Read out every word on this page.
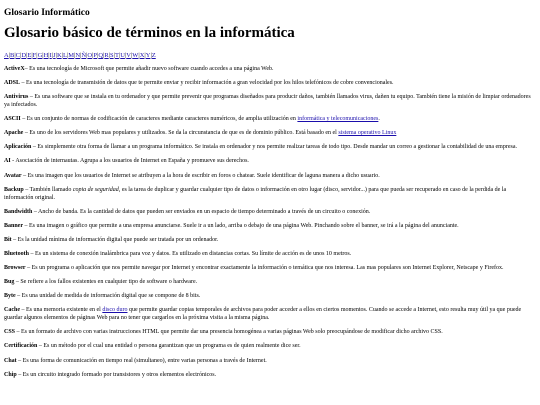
Glosario Informático
Glosario básico de términos en la informática
A|B|C|D|E|F|G|H|I|J|K|L|M|N|Ñ|O|P|Q|R|S|T|U|V|W|X|Y|Z
ActiveX– Es una tecnología de Microsoft que permite añadir nuevo software cuando accedes a una página Web.
ADSL – Es una tecnología de transmisión de datos que te permite enviar y recibir información a gran velocidad por los hilos telefónicos de cobre convencionales.
Antivirus – Es una software que se instala en tu ordenador y que permite prevenir que programas diseñados para producir daños, también llamados virus, dañen tu equipo. También tiene la misión de limpiar ordenadores ya infectados.
ASCII – Es un conjunto de normas de codificación de caracteres mediante caracteres numéricos, de amplia utilización en informática y telecomunicaciones.
Apache – Es uno de los servidores Web mas populares y utilizados. Se da la circunstancia de que es de dominio público. Está basado en el sistema operativo Linux
Aplicación – Es simplemente otra forma de llamar a un programa informático. Se instala en ordenador y nos permite realizar tareas de todo tipo. Desde mandar un correo a gestionar la contabilidad de una empresa.
AI - Asociación de internautas. Agrupa a los usuarios de Internet en España y promueve sus derechos.
Avatar – Es una imagen que los usuarios de Internet se atribuyen a la hora de escribir en foros o chatear. Suele identificar de laguna manera a dicho usuario.
Backup – También llamado copia de seguridad, es la tarea de duplicar y guardar cualquier tipo de datos o información en otro lugar (disco, servidor...) para que pueda ser recuperado en caso de la perdida de la información original.
Bandwidth – Ancho de banda. Es la cantidad de datos que pueden ser enviados en un espacio de tiempo determinado a través de un circuito o conexión.
Banner – Es una imagen o gráfico que permite a una empresa anunciarse. Suele ir a un lado, arriba o debajo de una página Web. Pinchando sobre el banner, se irá a la página del anunciante.
Bit – Es la unidad mínima de información digital que puede ser tratada por un ordenador.
Bluetooth – Es un sistema de conexión inalámbrica para voz y datos. Es utilizado en distancias cortas. Su límite de acción es de unos 10 metros.
Browser – Es un programa o aplicación que nos permite navegar por Internet y encontrar exactamente la información o temática que nos interesa. Las mas populares son Internet Explorer, Netscape y Firefox.
Bug – Se refiere a los fallos existentes en cualquier tipo de software o hardware.
Byte – Es una unidad de medida de información digital que se compone de 8 bits.
Cache – Es una memoria existente en el disco duro que permite guardar copias temporales de archivos para poder acceder a ellos en ciertos momentos. Cuando se accede a Internet, esto resulta muy útil ya que puede guardar algunos elementos de páginas Web para no tener que cargarlos en la próxima visita a la misma página.
CSS – Es un formato de archivo con varias instrucciones HTML que permite dar una presencia homogénea a varias páginas Web solo preocupándose de modificar dicho archivo CSS.
Certificación – Es un método por el cual una entidad o persona garantizan que un programa es de quien realmente dice ser.
Chat – Es una forma de comunicación en tiempo real (simultaneo), entre varias personas a través de Internet.
Chip – Es un circuito integrado formado por transistores y otros elementos electrónicos.
